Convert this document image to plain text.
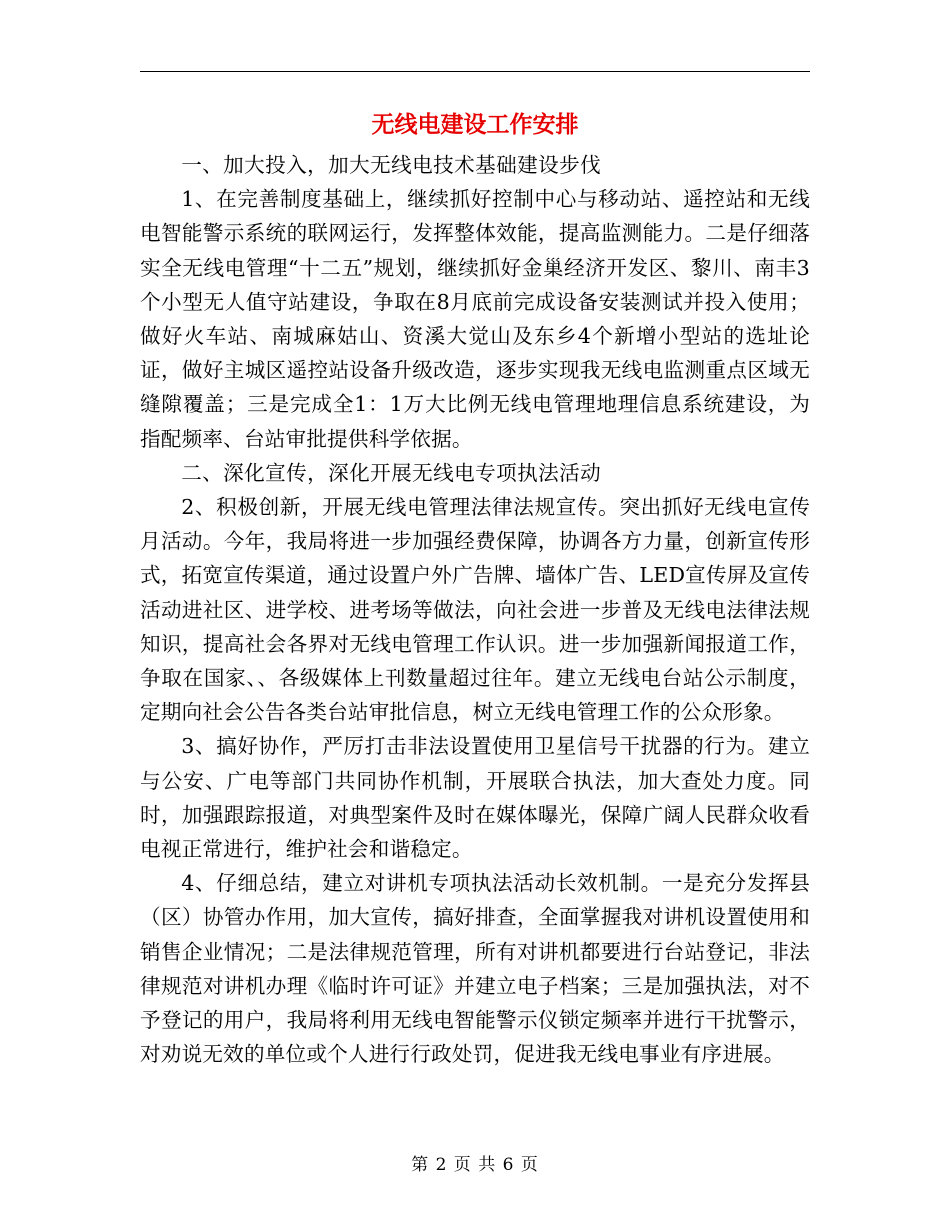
无线电建设工作安排

一、加大投入，加大无线电技术基础建设步伐

1、在完善制度基础上，继续抓好控制中心与移动站、遥控站和无线电智能警示系统的联网运行，发挥整体效能，提高监测能力。二是仔细落实全无线电管理“十二五”规划，继续抓好金巢经济开发区、黎川、南丰3个小型无人值守站建设，争取在8月底前完成设备安装测试并投入使用；做好火车站、南城麻姑山、资溪大觉山及东乡4个新增小型站的选址论证，做好主城区遥控站设备升级改造，逐步实现我无线电监测重点区域无缝隙覆盖；三是完成全1：1万大比例无线电管理地理信息系统建设，为指配频率、台站审批提供科学依据。

二、深化宣传，深化开展无线电专项执法活动

2、积极创新，开展无线电管理法律法规宣传。突出抓好无线电宣传月活动。今年，我局将进一步加强经费保障，协调各方力量，创新宣传形式，拓宽宣传渠道，通过设置户外广告牌、墙体广告、LED宣传屏及宣传活动进社区、进学校、进考场等做法，向社会进一步普及无线电法律法规知识，提高社会各界对无线电管理工作认识。进一步加强新闻报道工作，争取在国家、、各级媒体上刊数量超过往年。建立无线电台站公示制度，定期向社会公告各类台站审批信息，树立无线电管理工作的公众形象。

3、搞好协作，严厉打击非法设置使用卫星信号干扰器的行为。建立与公安、广电等部门共同协作机制，开展联合执法，加大查处力度。同时，加强跟踪报道，对典型案件及时在媒体曝光，保障广阔人民群众收看电视正常进行，维护社会和谐稳定。

4、仔细总结，建立对讲机专项执法活动长效机制。一是充分发挥县（区）协管办作用，加大宣传，搞好排查，全面掌握我对讲机设置使用和销售企业情况；二是法律规范管理，所有对讲机都要进行台站登记，非法律规范对讲机办理《临时许可证》并建立电子档案；三是加强执法，对不予登记的用户，我局将利用无线电智能警示仪锁定频率并进行干扰警示，对劝说无效的单位或个人进行行政处罚，促进我无线电事业有序进展。

第 2 页 共 6 页
